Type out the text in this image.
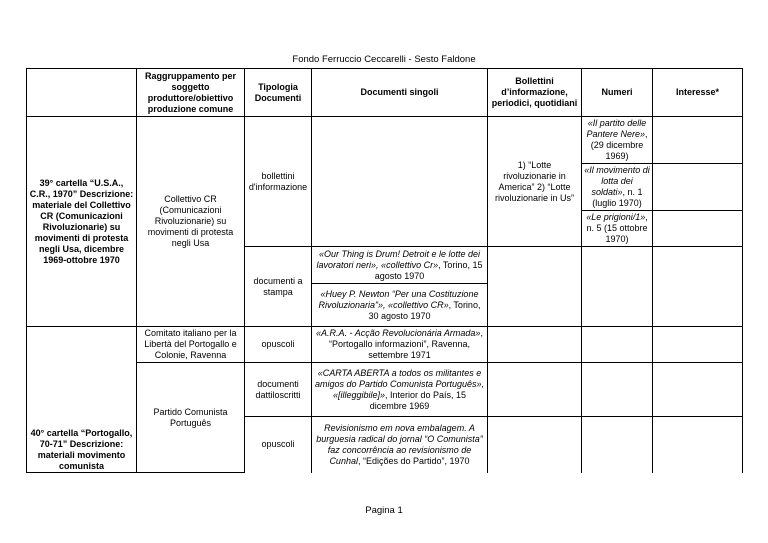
Fondo Ferruccio Ceccarelli - Sesto Faldone
	Raggruppamento per soggetto produttore/obiettivo produzione comune	Tipologia Documenti	Documenti singoli	Bollettini d’informazione, periodici, quotidiani	Numeri	Interesse*
39° cartella “U.S.A., C.R., 1970” Descrizione: materiale del Collettivo CR (Comunicazioni Rivoluzionarie) su movimenti di protesta negli Usa, dicembre 1969-ottobre 1970	Collettivo CR (Comunicazioni Rivoluzionarie) su movimenti di protesta negli Usa	bollettini d'informazione		1) “Lotte rivoluzionarie in America” 2) “Lotte rivoluzionarie in Us”	«Il partito delle Pantere Nere», (29 dicembre 1969)	
					«Il movimento di lotta dei soldati», n. 1 (luglio 1970)	
					«Le prigioni/1», n. 5 (15 ottobre 1970)	
		documenti a stampa	«Our Thing is Drum! Detroit e le lotte dei lavoratori neri», «collettivo Cr», Torino, 15 agosto 1970			
			«Huey P. Newton “Per una Costituzione Rivoluzionaria”», «collettivo CR», Torino, 30 agosto 1970			

40° cartella “Portogallo, 70-71” Descrizione: materiali movimento comunista	Comitato italiano per la Libertà del Portogallo e Colonie, Ravenna	opuscoli	«A.R.A. - Acção Revolucionária Armada», “Portogallo informazioni”, Ravenna, settembre 1971			
	Partido Comunista Português	documenti dattiloscritti	«CARTA ABERTA a todos os militantes e amigos do Partido Comunista Português», «[illeggibile]», Interior do País, 15 dicembre 1969			
		opuscoli	Revisionismo em nova embalagem. A burguesia radical do jornal “O Comunista” faz concorrência ao revisionismo de Cunhal, “Edições do Partido”, 1970			
Pagina 1
